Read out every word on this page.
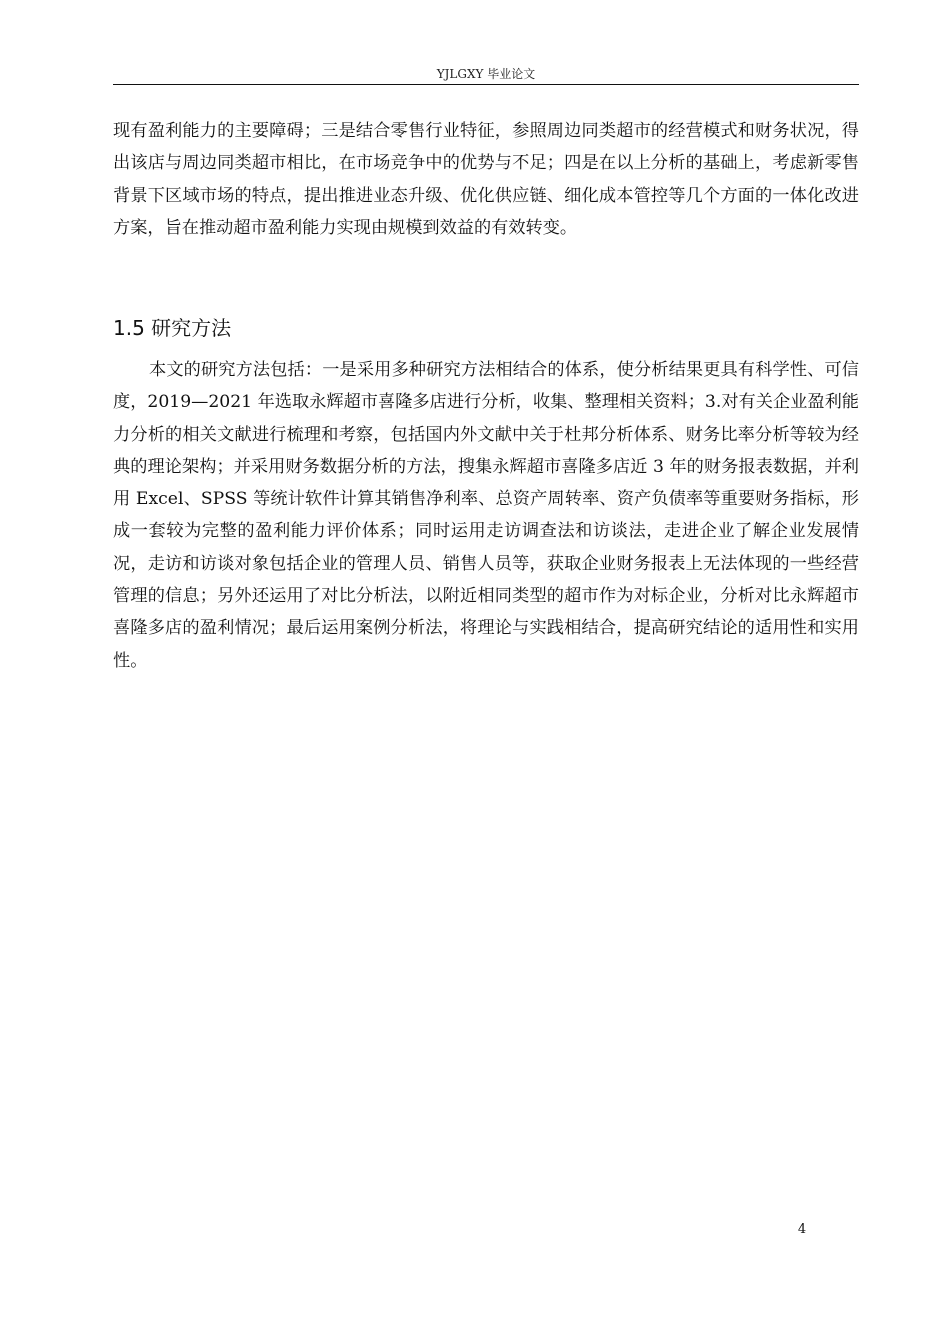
YJLGXY 毕业论文

现有盈利能力的主要障碍；三是结合零售行业特征，参照周边同类超市的经营模式和财务状况，得出该店与周边同类超市相比，在市场竞争中的优势与不足；四是在以上分析的基础上，考虑新零售背景下区域市场的特点，提出推进业态升级、优化供应链、细化成本管控等几个方面的一体化改进方案，旨在推动超市盈利能力实现由规模到效益的有效转变。

1.5 研究方法

本文的研究方法包括：一是采用多种研究方法相结合的体系，使分析结果更具有科学性、可信度，2019—2021 年选取永辉超市喜隆多店进行分析，收集、整理相关资料；3.对有关企业盈利能力分析的相关文献进行梳理和考察，包括国内外文献中关于杜邦分析体系、财务比率分析等较为经典的理论架构；并采用财务数据分析的方法，搜集永辉超市喜隆多店近 3 年的财务报表数据，并利用 Excel、SPSS 等统计软件计算其销售净利率、总资产周转率、资产负债率等重要财务指标，形成一套较为完整的盈利能力评价体系；同时运用走访调查法和访谈法，走进企业了解企业发展情况，走访和访谈对象包括企业的管理人员、销售人员等，获取企业财务报表上无法体现的一些经营管理的信息；另外还运用了对比分析法，以附近相同类型的超市作为对标企业，分析对比永辉超市喜隆多店的盈利情况；最后运用案例分析法，将理论与实践相结合，提高研究结论的适用性和实用性。

4
